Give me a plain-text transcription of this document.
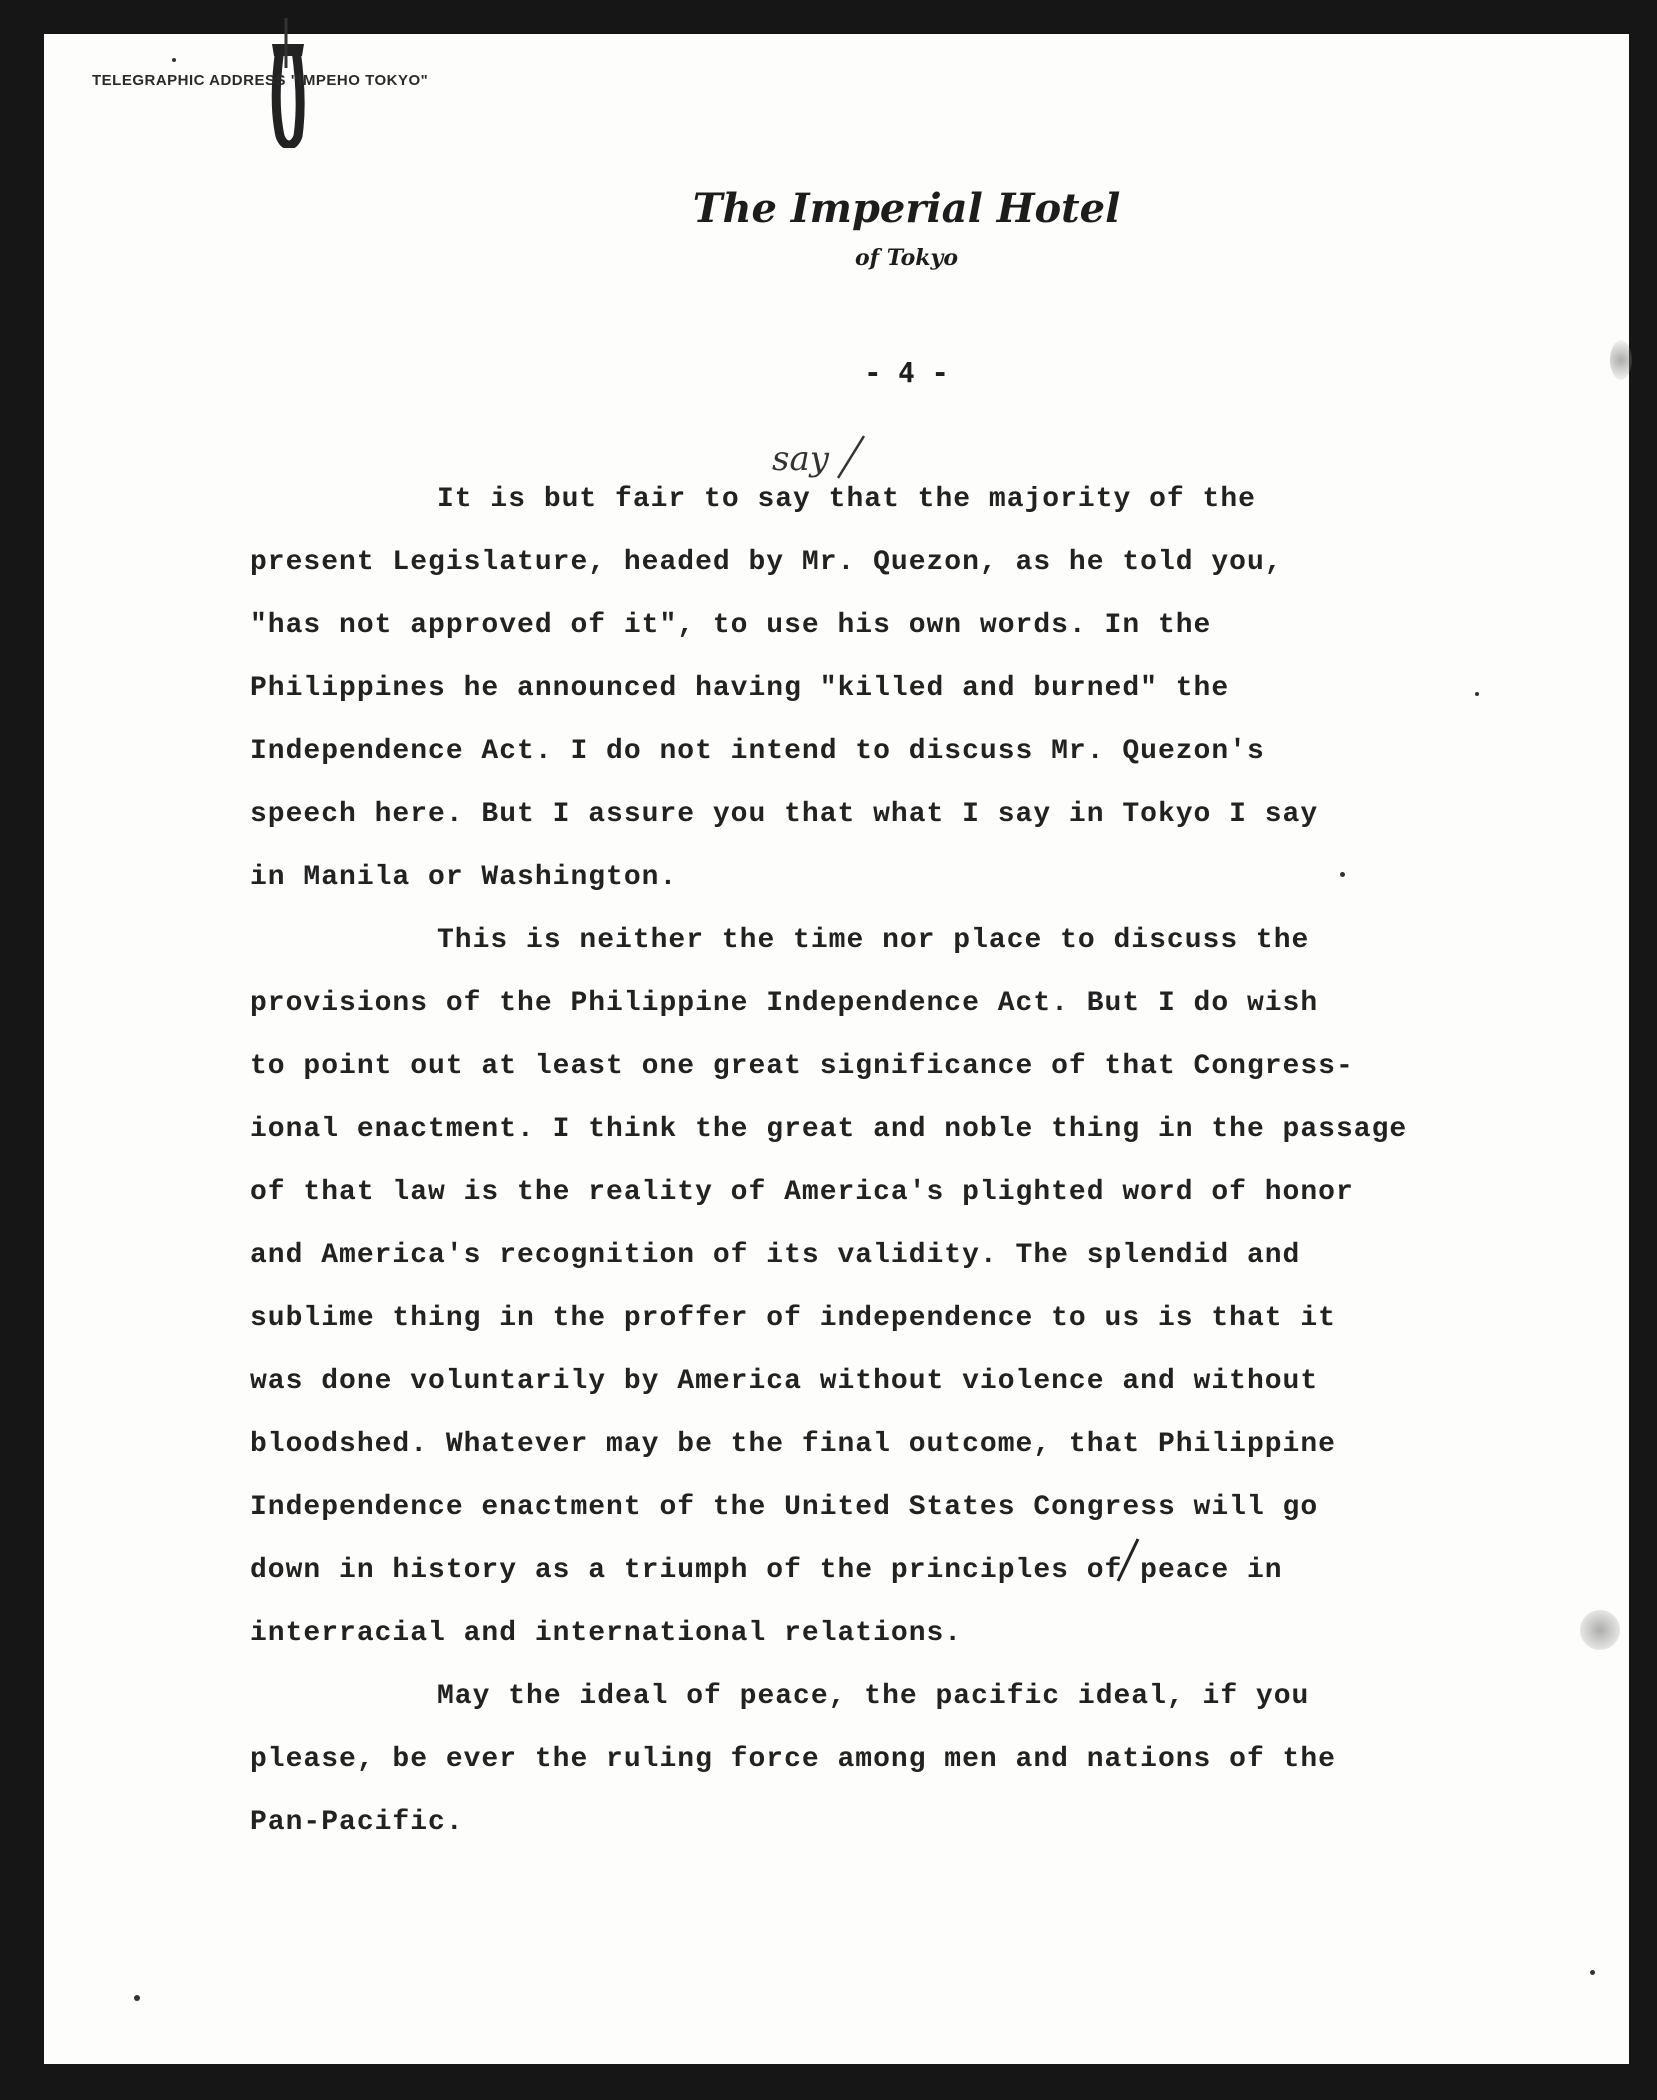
TELEGRAPHIC ADDRESS "IMPEHO TOKYO"
The Imperial Hotel
of Tokyo
- 4 -
say
It is but fair to say that the majority of the
present Legislature, headed by Mr. Quezon, as he told you,
"has not approved of it", to use his own words. In the
Philippines he announced having "killed and burned" the
Independence Act. I do not intend to discuss Mr. Quezon's
speech here. But I assure you that what I say in Tokyo I say
in Manila or Washington.
This is neither the time nor place to discuss the
provisions of the Philippine Independence Act. But I do wish
to point out at least one great significance of that Congress-
ional enactment. I think the great and noble thing in the passage
of that law is the reality of America's plighted word of honor
and America's recognition of its validity. The splendid and
sublime thing in the proffer of independence to us is that it
was done voluntarily by America without violence and without
bloodshed. Whatever may be the final outcome, that Philippine
Independence enactment of the United States Congress will go
down in history as a triumph of the principles of peace in
interracial and international relations.
May the ideal of peace, the pacific ideal, if you
please, be ever the ruling force among men and nations of the
Pan-Pacific.
